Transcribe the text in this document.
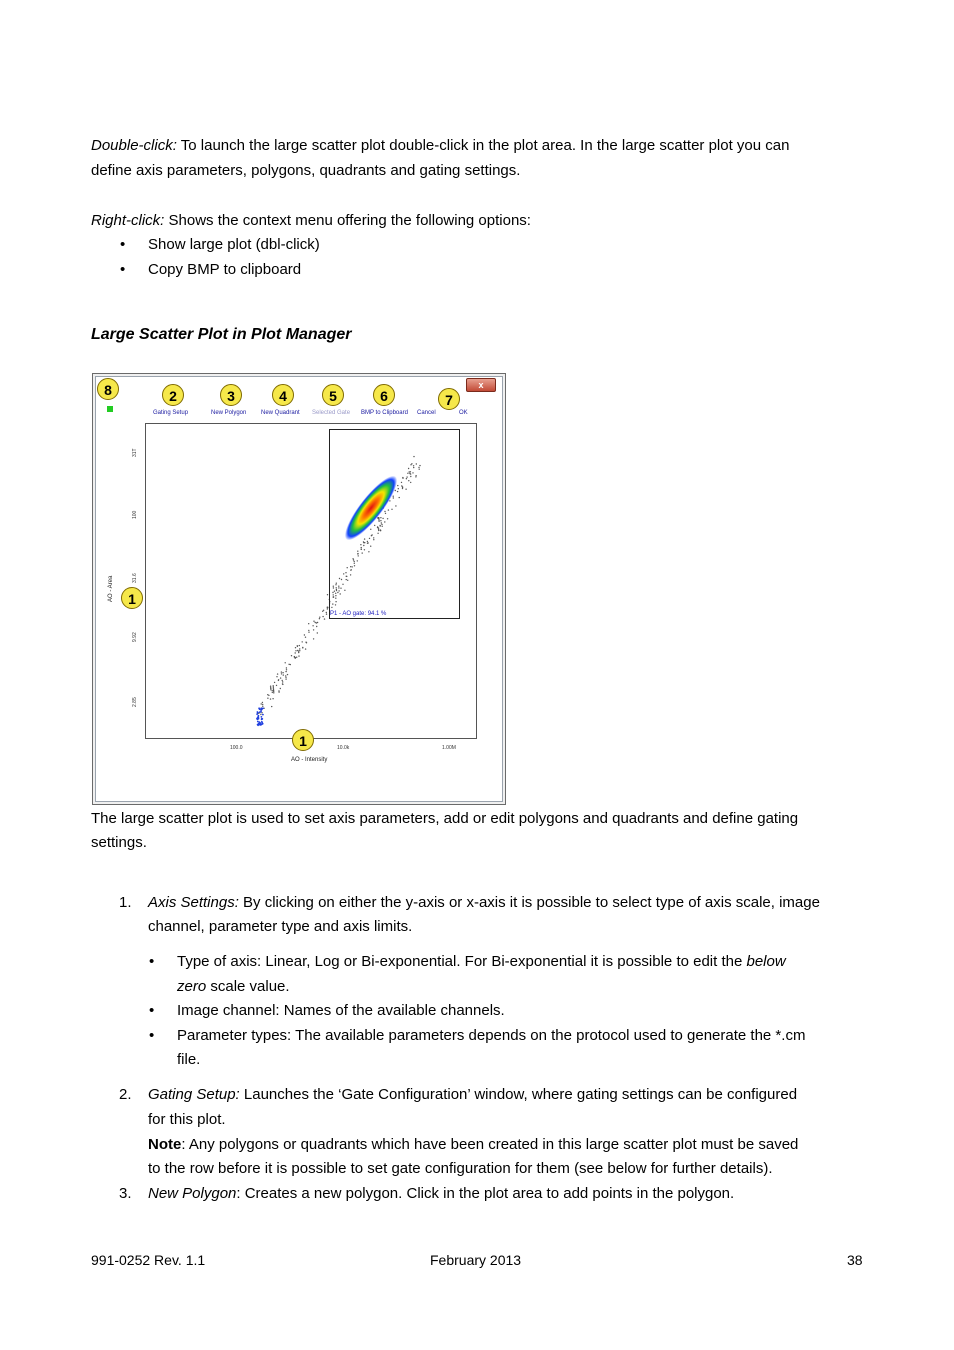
Double-click: To launch the large scatter plot double-click in the plot area. In the large scatter plot you can
define axis parameters, polygons, quadrants and gating settings.
Right-click: Shows the context menu offering the following options:
• Show large plot (dbl-click)
• Copy BMP to clipboard
Large Scatter Plot in Plot Manager
x
Gating Setup	New Polygon New Quadrant Selected Gate BMP to Clipboard Cancel	OK
8	2	3	4	5	6	7
P1 - AO gate: 94.1 %
31T
100
31.6
9.92
2.85
100.0	10.0k	1.00M
AO - Area
AO - Intensity
1
1
The large scatter plot is used to set axis parameters, add or edit polygons and quadrants and define gating
settings.
1. Axis Settings: By clicking on either the y-axis or x-axis it is possible to select type of axis scale, image
channel, parameter type and axis limits.
• Type of axis: Linear, Log or Bi-exponential. For Bi-exponential it is possible to edit the below
zero scale value.
• Image channel: Names of the available channels.
• Parameter types: The available parameters depends on the protocol used to generate the *.cm
file.
2. Gating Setup: Launches the ‘Gate Configuration’ window, where gating settings can be configured
for this plot.
Note: Any polygons or quadrants which have been created in this large scatter plot must be saved
to the row before it is possible to set gate configuration for them (see below for further details).
3. New Polygon: Creates a new polygon. Click in the plot area to add points in the polygon.
991-0252 Rev. 1.1	February 2013	38
